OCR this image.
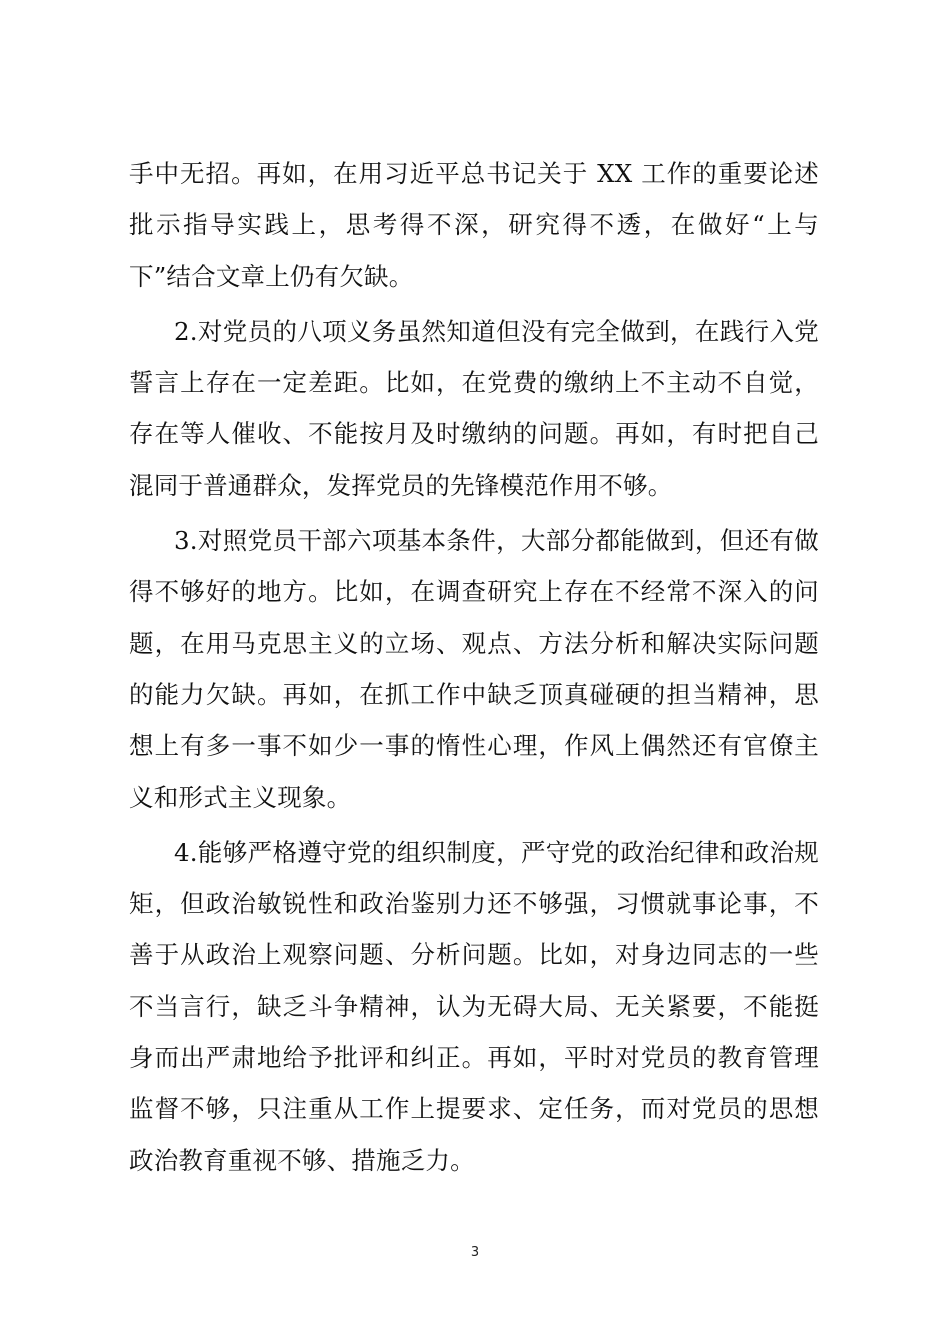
手中无招。再如，在用习近平总书记关于 XX 工作的重要论述批示指导实践上，思考得不深，研究得不透，在做好“上与下”结合文章上仍有欠缺。

2.对党员的八项义务虽然知道但没有完全做到，在践行入党誓言上存在一定差距。比如，在党费的缴纳上不主动不自觉，存在等人催收、不能按月及时缴纳的问题。再如，有时把自己混同于普通群众，发挥党员的先锋模范作用不够。

3.对照党员干部六项基本条件，大部分都能做到，但还有做得不够好的地方。比如，在调查研究上存在不经常不深入的问题，在用马克思主义的立场、观点、方法分析和解决实际问题的能力欠缺。再如，在抓工作中缺乏顶真碰硬的担当精神，思想上有多一事不如少一事的惰性心理，作风上偶然还有官僚主义和形式主义现象。

4.能够严格遵守党的组织制度，严守党的政治纪律和政治规矩，但政治敏锐性和政治鉴别力还不够强，习惯就事论事，不善于从政治上观察问题、分析问题。比如，对身边同志的一些不当言行，缺乏斗争精神，认为无碍大局、无关紧要，不能挺身而出严肃地给予批评和纠正。再如，平时对党员的教育管理监督不够，只注重从工作上提要求、定任务，而对党员的思想政治教育重视不够、措施乏力。

3
